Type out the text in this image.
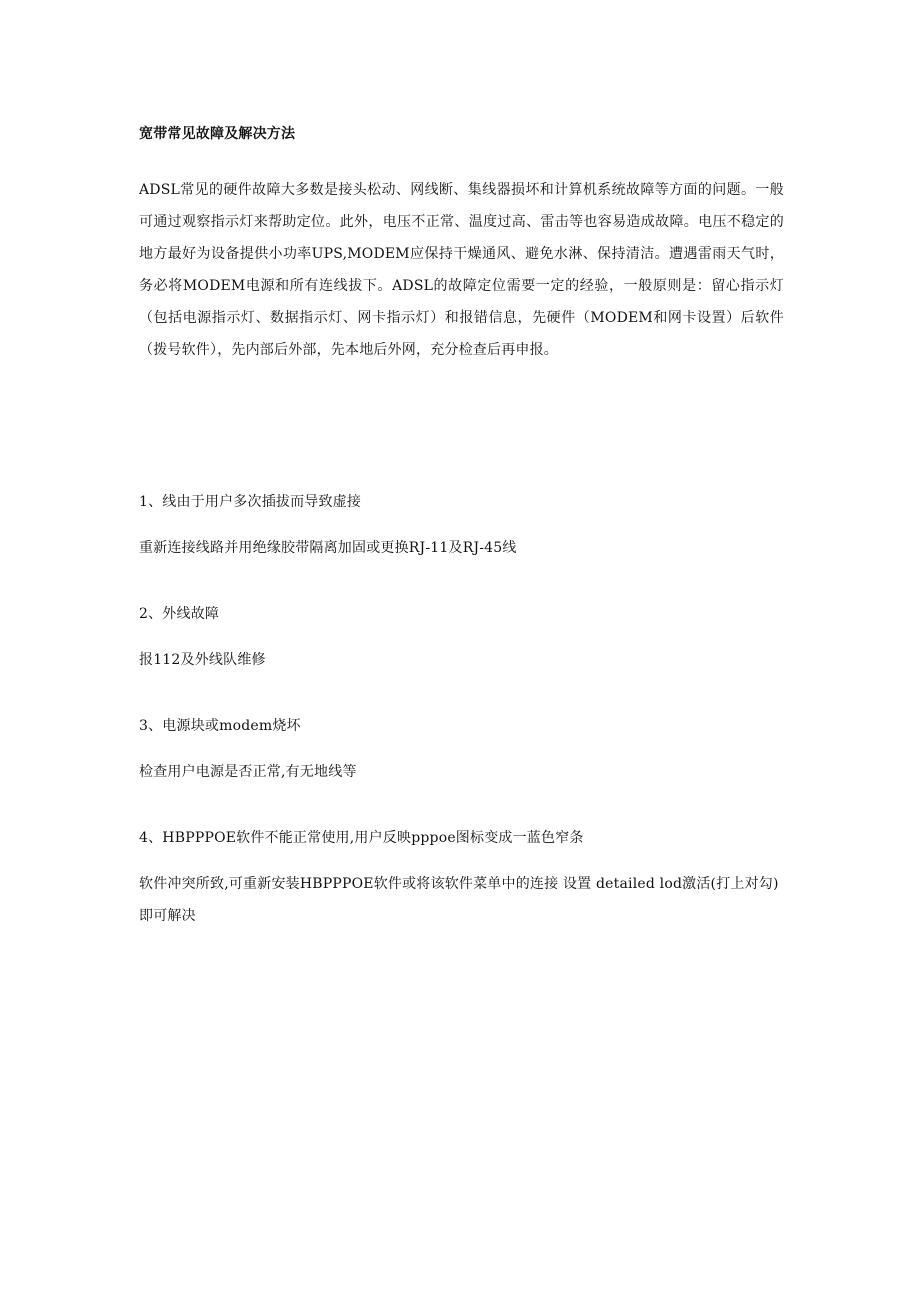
宽带常见故障及解决方法

ADSL常见的硬件故障大多数是接头松动、网线断、集线器损坏和计算机系统故障等方面的问题。一般可通过观察指示灯来帮助定位。此外，电压不正常、温度过高、雷击等也容易造成故障。电压不稳定的地方最好为设备提供小功率UPS,MODEM应保持干燥通风、避免水淋、保持清洁。遭遇雷雨天气时，务必将MODEM电源和所有连线拔下。ADSL的故障定位需要一定的经验，一般原则是：留心指示灯（包括电源指示灯、数据指示灯、网卡指示灯）和报错信息，先硬件（MODEM和网卡设置）后软件（拨号软件），先内部后外部，先本地后外网，充分检查后再申报。

1、线由于用户多次插拔而导致虚接

重新连接线路并用绝缘胶带隔离加固或更换RJ-11及RJ-45线

2、外线故障

报112及外线队维修

3、电源块或modem烧坏

检查用户电源是否正常,有无地线等

4、HBPPPOE软件不能正常使用,用户反映pppoe图标变成一蓝色窄条

软件冲突所致,可重新安装HBPPPOE软件或将该软件菜单中的连接 设置 detailed lod激活(打上对勾)即可解决
